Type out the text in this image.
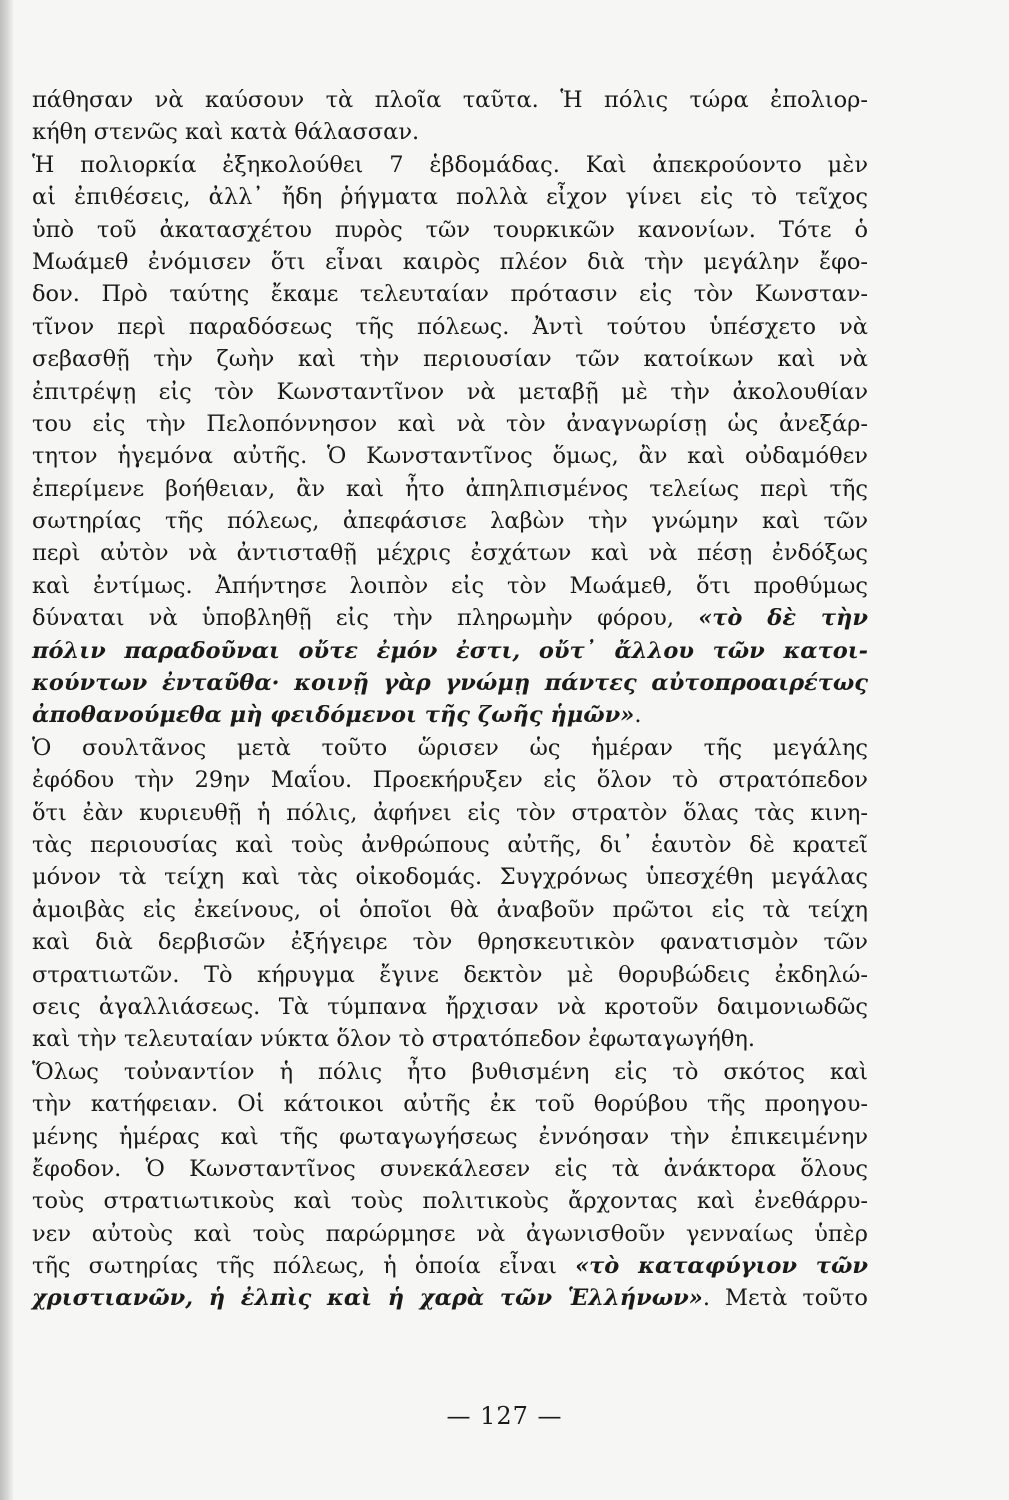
πάθησαν νὰ καύσουν τὰ πλοῖα ταῦτα. Ἡ πόλις τώρα ἐπολιορ-
κήθη στενῶς καὶ κατὰ θάλασσαν.
Ἡ πολιορκία ἐξηκολούθει 7 ἑβδομάδας. Καὶ ἀπεκρούοντο μὲν
αἱ ἐπιθέσεις, ἀλλ᾽ ἤδη ῥήγματα πολλὰ εἶχον γίνει εἰς τὸ τεῖχος
ὑπὸ τοῦ ἀκατασχέτου πυρὸς τῶν τουρκικῶν κανονίων. Τότε ὁ
Μωάμεθ ἐνόμισεν ὅτι εἶναι καιρὸς πλέον διὰ τὴν μεγάλην ἔφο-
δον. Πρὸ ταύτης ἔκαμε τελευταίαν πρότασιν εἰς τὸν Κωνσταν-
τῖνον περὶ παραδόσεως τῆς πόλεως. Ἀντὶ τούτου ὑπέσχετο νὰ
σεβασθῇ τὴν ζωὴν καὶ τὴν περιουσίαν τῶν κατοίκων καὶ νὰ
ἐπιτρέψῃ εἰς τὸν Κωνσταντῖνον νὰ μεταβῇ μὲ τὴν ἀκολουθίαν
του εἰς τὴν Πελοπόννησον καὶ νὰ τὸν ἀναγνωρίσῃ ὡς ἀνεξάρ-
τητον ἡγεμόνα αὐτῆς. Ὁ Κωνσταντῖνος ὅμως, ἂν καὶ οὐδαμόθεν
ἐπερίμενε βοήθειαν, ἂν καὶ ἦτο ἀπηλπισμένος τελείως περὶ τῆς
σωτηρίας τῆς πόλεως, ἀπεφάσισε λαβὼν τὴν γνώμην καὶ τῶν
περὶ αὐτὸν νὰ ἀντισταθῇ μέχρις ἐσχάτων καὶ νὰ πέσῃ ἐνδόξως
καὶ ἐντίμως. Ἀπήντησε λοιπὸν εἰς τὸν Μωάμεθ, ὅτι προθύμως
δύναται νὰ ὑποβληθῇ εἰς τὴν πληρωμὴν φόρου, «τὸ δὲ τὴν
πόλιν παραδοῦναι οὔτε ἐμόν ἐστι, οὔτ᾽ ἄλλου τῶν κατοι-
κούντων ἐνταῦθα· κοινῇ γὰρ γνώμῃ πάντες αὐτοπροαιρέτως
ἀποθανούμεθα μὴ φειδόμενοι τῆς ζωῆς ἡμῶν».
Ὁ σουλτᾶνος μετὰ τοῦτο ὥρισεν ὡς ἡμέραν τῆς μεγάλης
ἐφόδου τὴν 29ην Μαΐου. Προεκήρυξεν εἰς ὅλον τὸ στρατόπεδον
ὅτι ἐὰν κυριευθῇ ἡ πόλις, ἀφήνει εἰς τὸν στρατὸν ὅλας τὰς κινη-
τὰς περιουσίας καὶ τοὺς ἀνθρώπους αὐτῆς, δι᾽ ἑαυτὸν δὲ κρατεῖ
μόνον τὰ τείχη καὶ τὰς οἰκοδομάς. Συγχρόνως ὑπεσχέθη μεγάλας
ἀμοιβὰς εἰς ἐκείνους, οἱ ὁποῖοι θὰ ἀναβοῦν πρῶτοι εἰς τὰ τείχη
καὶ διὰ δερβισῶν ἐξήγειρε τὸν θρησκευτικὸν φανατισμὸν τῶν
στρατιωτῶν. Τὸ κήρυγμα ἔγινε δεκτὸν μὲ θορυβώδεις ἐκδηλώ-
σεις ἀγαλλιάσεως. Τὰ τύμπανα ἤρχισαν νὰ κροτοῦν δαιμονιωδῶς
καὶ τὴν τελευταίαν νύκτα ὅλον τὸ στρατόπεδον ἐφωταγωγήθη.
Ὅλως τοὐναντίον ἡ πόλις ἦτο βυθισμένη εἰς τὸ σκότος καὶ
τὴν κατήφειαν. Οἱ κάτοικοι αὐτῆς ἐκ τοῦ θορύβου τῆς προηγου-
μένης ἡμέρας καὶ τῆς φωταγωγήσεως ἐννόησαν τὴν ἐπικειμένην
ἔφοδον. Ὁ Κωνσταντῖνος συνεκάλεσεν εἰς τὰ ἀνάκτορα ὅλους
τοὺς στρατιωτικοὺς καὶ τοὺς πολιτικοὺς ἄρχοντας καὶ ἐνεθάρρυ-
νεν αὐτοὺς καὶ τοὺς παρώρμησε νὰ ἀγωνισθοῦν γενναίως ὑπὲρ
τῆς σωτηρίας τῆς πόλεως, ἡ ὁποία εἶναι «τὸ καταφύγιον τῶν
χριστιανῶν, ἡ ἐλπὶς καὶ ἡ χαρὰ τῶν Ἑλλήνων». Μετὰ τοῦτο
— 127 —
